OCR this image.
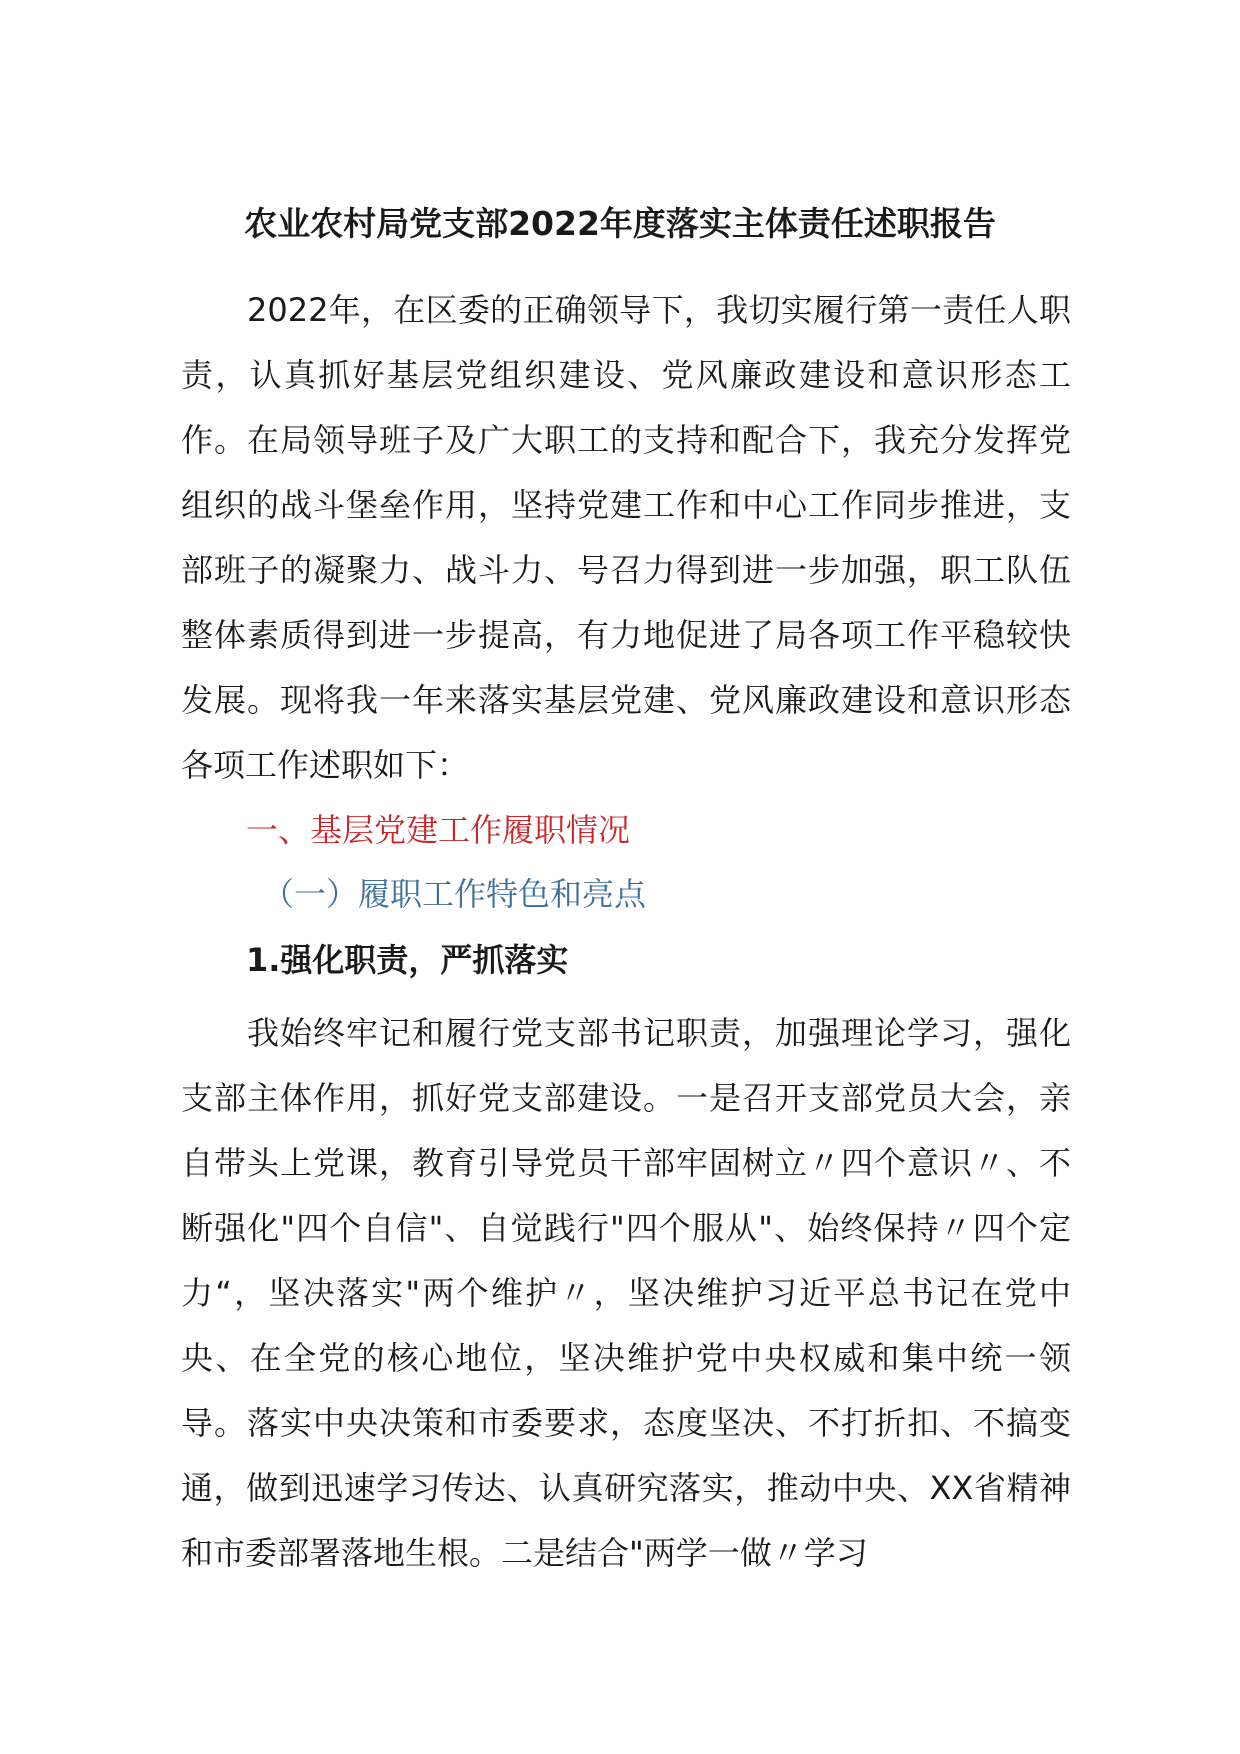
农业农村局党支部2022年度落实主体责任述职报告

2022年，在区委的正确领导下，我切实履行第一责任人职责，认真抓好基层党组织建设、党风廉政建设和意识形态工作。在局领导班子及广大职工的支持和配合下，我充分发挥党组织的战斗堡垒作用，坚持党建工作和中心工作同步推进，支部班子的凝聚力、战斗力、号召力得到进一步加强，职工队伍整体素质得到进一步提高，有力地促进了局各项工作平稳较快发展。现将我一年来落实基层党建、党风廉政建设和意识形态各项工作述职如下：

一、基层党建工作履职情况

（一）履职工作特色和亮点

1.强化职责，严抓落实

我始终牢记和履行党支部书记职责，加强理论学习，强化支部主体作用，抓好党支部建设。一是召开支部党员大会，亲自带头上党课，教育引导党员干部牢固树立〃四个意识〃、不断强化"四个自信"、自觉践行"四个服从"、始终保持〃四个定力“，坚决落实"两个维护〃，坚决维护习近平总书记在党中央、在全党的核心地位，坚决维护党中央权威和集中统一领导。落实中央决策和市委要求，态度坚决、不打折扣、不搞变通，做到迅速学习传达、认真研究落实，推动中央、XX省精神和市委部署落地生根。二是结合"两学一做〃学习
